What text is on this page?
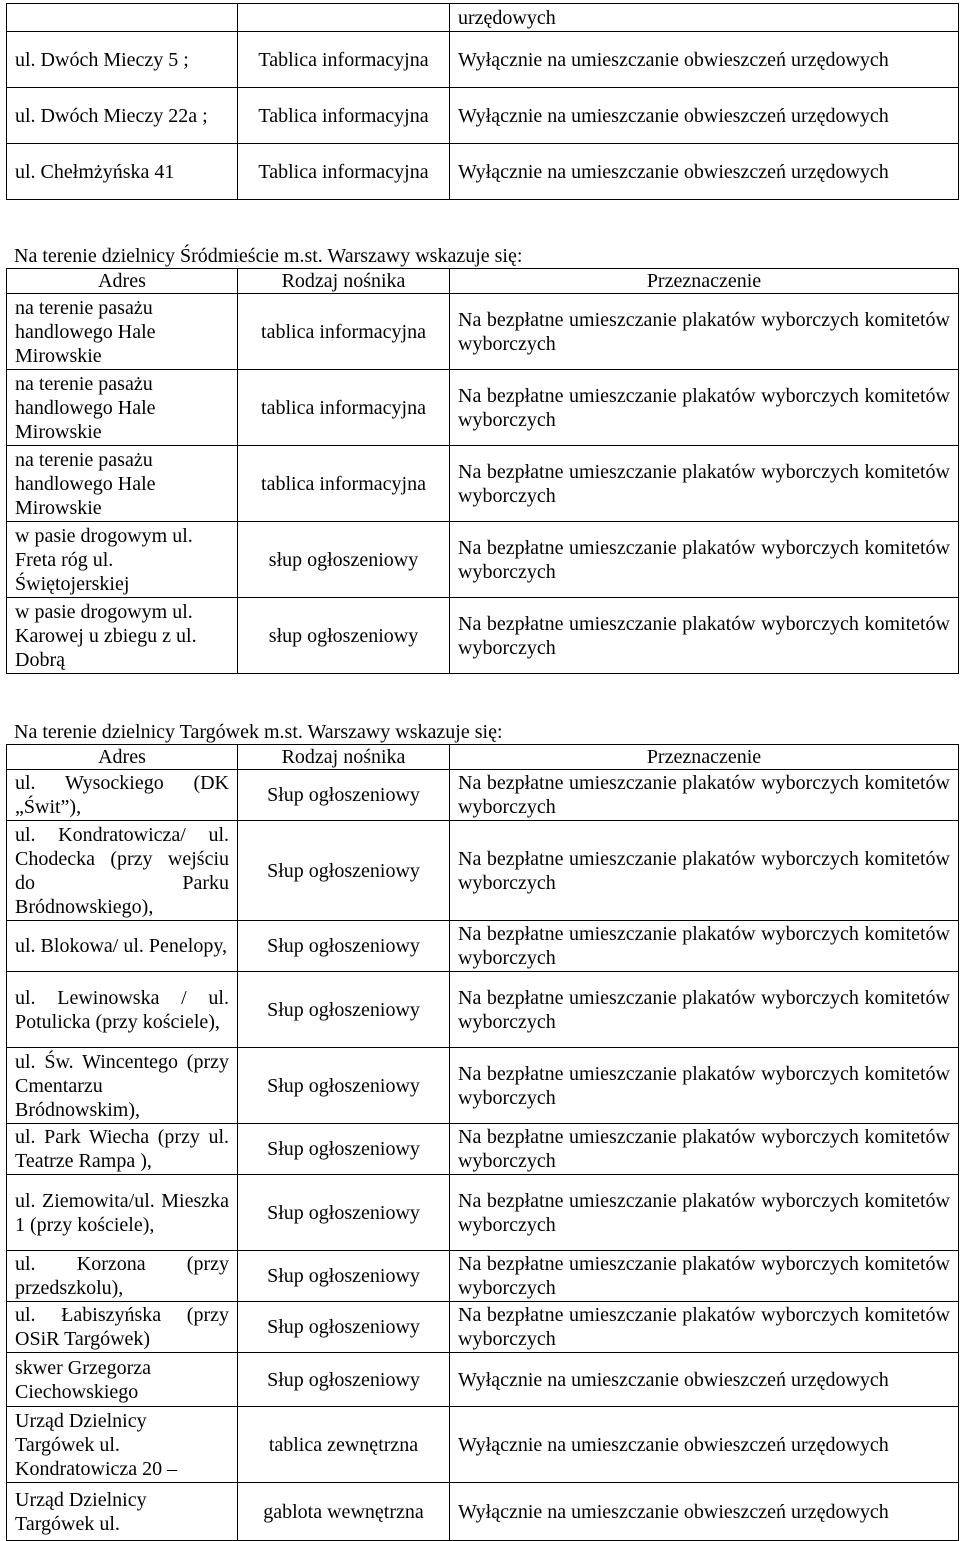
		urzędowych
ul. Dwóch Mieczy 5 ;	Tablica informacyjna	Wyłącznie na umieszczanie obwieszczeń urzędowych
ul. Dwóch Mieczy 22a ;	Tablica informacyjna	Wyłącznie na umieszczanie obwieszczeń urzędowych
ul. Chełmżyńska 41	Tablica informacyjna	Wyłącznie na umieszczanie obwieszczeń urzędowych
Na terenie dzielnicy Śródmieście m.st. Warszawy wskazuje się:
Adres	Rodzaj nośnika	Przeznaczenie
na terenie pasażu handlowego Hale Mirowskie	tablica informacyjna	Na bezpłatne umieszczanie plakatów wyborczych komitetów wyborczych
na terenie pasażu handlowego Hale Mirowskie	tablica informacyjna	Na bezpłatne umieszczanie plakatów wyborczych komitetów wyborczych
na terenie pasażu handlowego Hale Mirowskie	tablica informacyjna	Na bezpłatne umieszczanie plakatów wyborczych komitetów wyborczych
w pasie drogowym ul. Freta róg ul. Świętojerskiej	słup ogłoszeniowy	Na bezpłatne umieszczanie plakatów wyborczych komitetów wyborczych
w pasie drogowym ul. Karowej u zbiegu z ul. Dobrą	słup ogłoszeniowy	Na bezpłatne umieszczanie plakatów wyborczych komitetów wyborczych
Na terenie dzielnicy Targówek m.st. Warszawy wskazuje się:
Adres	Rodzaj nośnika	Przeznaczenie
ul. Wysockiego (DK „Świt”),	Słup ogłoszeniowy	Na bezpłatne umieszczanie plakatów wyborczych komitetów wyborczych
ul. Kondratowicza/ ul. Chodecka (przy wejściu do Parku Bródnowskiego),	Słup ogłoszeniowy	Na bezpłatne umieszczanie plakatów wyborczych komitetów wyborczych
ul. Blokowa/ ul. Penelopy,	Słup ogłoszeniowy	Na bezpłatne umieszczanie plakatów wyborczych komitetów wyborczych
ul. Lewinowska / ul. Potulicka (przy kościele),	Słup ogłoszeniowy	Na bezpłatne umieszczanie plakatów wyborczych komitetów wyborczych
ul. Św. Wincentego (przy Cmentarzu Bródnowskim),	Słup ogłoszeniowy	Na bezpłatne umieszczanie plakatów wyborczych komitetów wyborczych
ul. Park Wiecha (przy ul. Teatrze Rampa ),	Słup ogłoszeniowy	Na bezpłatne umieszczanie plakatów wyborczych komitetów wyborczych
ul. Ziemowita/ul. Mieszka 1 (przy kościele),	Słup ogłoszeniowy	Na bezpłatne umieszczanie plakatów wyborczych komitetów wyborczych
ul. Korzona (przy przedszkolu),	Słup ogłoszeniowy	Na bezpłatne umieszczanie plakatów wyborczych komitetów wyborczych
ul. Łabiszyńska (przy OSiR Targówek)	Słup ogłoszeniowy	Na bezpłatne umieszczanie plakatów wyborczych komitetów wyborczych
skwer Grzegorza Ciechowskiego	Słup ogłoszeniowy	Wyłącznie na umieszczanie obwieszczeń urzędowych
Urząd Dzielnicy Targówek ul. Kondratowicza 20 –	tablica zewnętrzna	Wyłącznie na umieszczanie obwieszczeń urzędowych
Urząd Dzielnicy Targówek ul.	gablota wewnętrzna	Wyłącznie na umieszczanie obwieszczeń urzędowych
